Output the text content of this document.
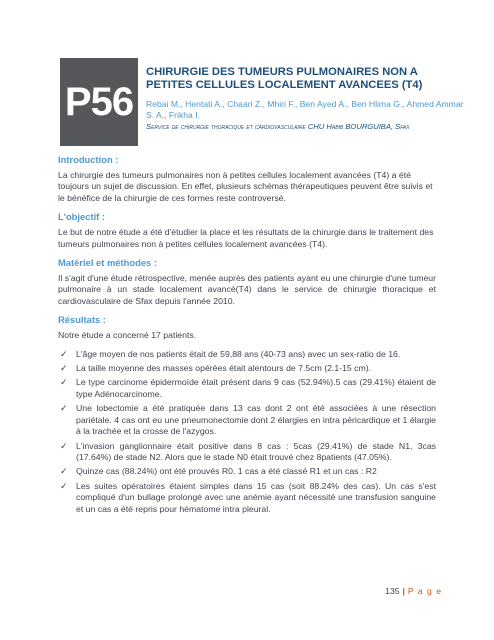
P56
CHIRURGIE DES TUMEURS PULMONAIRES NON A PETITES CELLULES LOCALEMENT AVANCEES (T4)
Rebai M., Hentati A., Chaari Z., Mhiri F., Ben Ayed A., Ben Hlima G., Ahmed Ammar S. A., Frikha I.
Service de chirurgie thoracique et cardiovasculaire CHU Habib BOURGUIBA, Sfax
Introduction :

La chirurgie des tumeurs pulmonaires non à petites cellules localement avancées (T4) a été toujours un sujet de discussion. En effet, plusieurs schémas thérapeutiques peuvent être suivis et le bénéfice de la chirurgie de ces formes reste controversé.

L'objectif :

Le but de notre étude a été d'étudier la place et les résultats de la chirurgie dans le traitement des tumeurs pulmonaires non à petites cellules localement avancées (T4).

Matériel et méthodes :

Il s'agit d'une étude rétrospective, menée auprès des patients ayant eu une chirurgie d'une tumeur pulmonaire à un stade localement avancé(T4) dans le service de chirurgie thoracique et cardiovasculaire de Sfax depuis l'année 2010.

Résultats :

Notre étude a concerné 17 patients.

✓ L'âge moyen de nos patients était de 59,88 ans (40-73 ans) avec un sex-ratio de 16.
✓ La taille moyenne des masses opérées était alentours de 7.5cm (2.1-15 cm).
✓ Le type carcinome épidermoïde était présent dans 9 cas (52.94%).5 cas (29.41%) étaient de type Adénocarcinome.
✓ Une lobectomie a été pratiquée dans 13 cas dont 2 ont été associées à une résection pariétale. 4 cas ont eu une pneumonectomie dont 2 élargies en intra péricardique et 1 élargie à la trachée et la crosse de l'azygos.
✓ L'invasion ganglionnaire était positive dans 8 cas : 5cas (29.41%) de stade N1, 3cas (17.64%) de stade N2. Alors que le stade N0 était trouvé chez 8patients (47.05%).
✓ Quinze cas (88.24%) ont été prouvés R0. 1 cas a été classé R1 et un cas : R2
✓ Les suites opératoires étaient simples dans 15 cas (soit 88.24% des cas). Un cas s'est compliqué d'un bullage prolongé avec une anémie ayant nécessité une transfusion sanguine et un cas a été repris pour hématome intra pleural.
135 | P a g e
